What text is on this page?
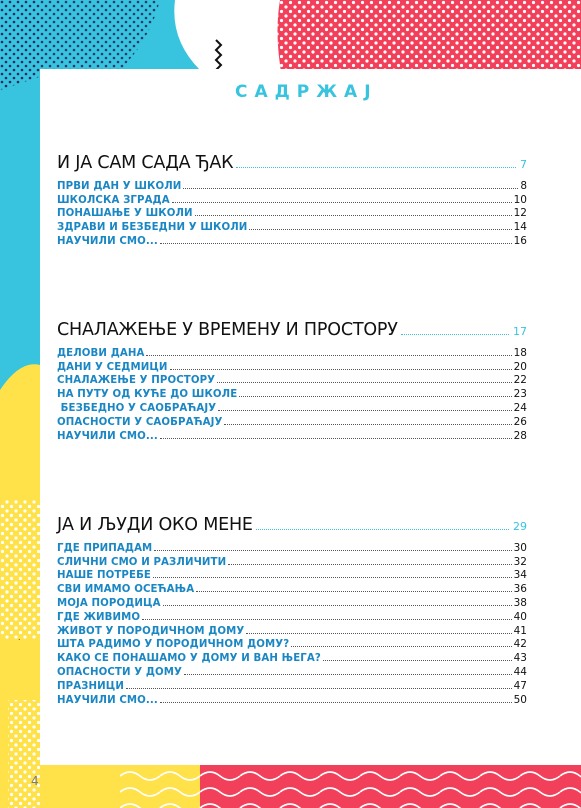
САДРЖАЈ
И ЈА САМ САДА ЂАК	7
ПРВИ ДАН У ШКОЛИ	8
ШКОЛСКА ЗГРАДА	10
ПОНАШАЊЕ У ШКОЛИ	12
ЗДРАВИ И БЕЗБЕДНИ У ШКОЛИ	14
НАУЧИЛИ СМО...	16
СНАЛАЖЕЊЕ У ВРЕМЕНУ И ПРОСТОРУ	17
ДЕЛОВИ ДАНА	18
ДАНИ У СЕДМИЦИ	20
СНАЛАЖЕЊЕ У ПРОСТОРУ	22
НА ПУТУ ОД КУЋЕ ДО ШКОЛЕ	23
БЕЗБЕДНО У САОБРАЋАЈУ	24
ОПАСНОСТИ У САОБРАЋАЈУ	26
НАУЧИЛИ СМО...	28
ЈА И ЉУДИ ОКО МЕНЕ	29
ГДЕ ПРИПАДАМ	30
СЛИЧНИ СМО И РАЗЛИЧИТИ	32
НАШЕ ПОТРЕБЕ	34
СВИ ИМАМО ОСЕЋАЊА	36
МОЈА ПОРОДИЦА	38
ГДЕ ЖИВИМО	40
ЖИВОТ У ПОРОДИЧНОМ ДОМУ	41
ШТА РАДИМО У ПОРОДИЧНОМ ДОМУ?	42
КАКО СЕ ПОНАШАМО У ДОМУ И ВАН ЊЕГА?	43
ОПАСНОСТИ У ДОМУ	44
ПРАЗНИЦИ	47
НАУЧИЛИ СМО...	50
4
